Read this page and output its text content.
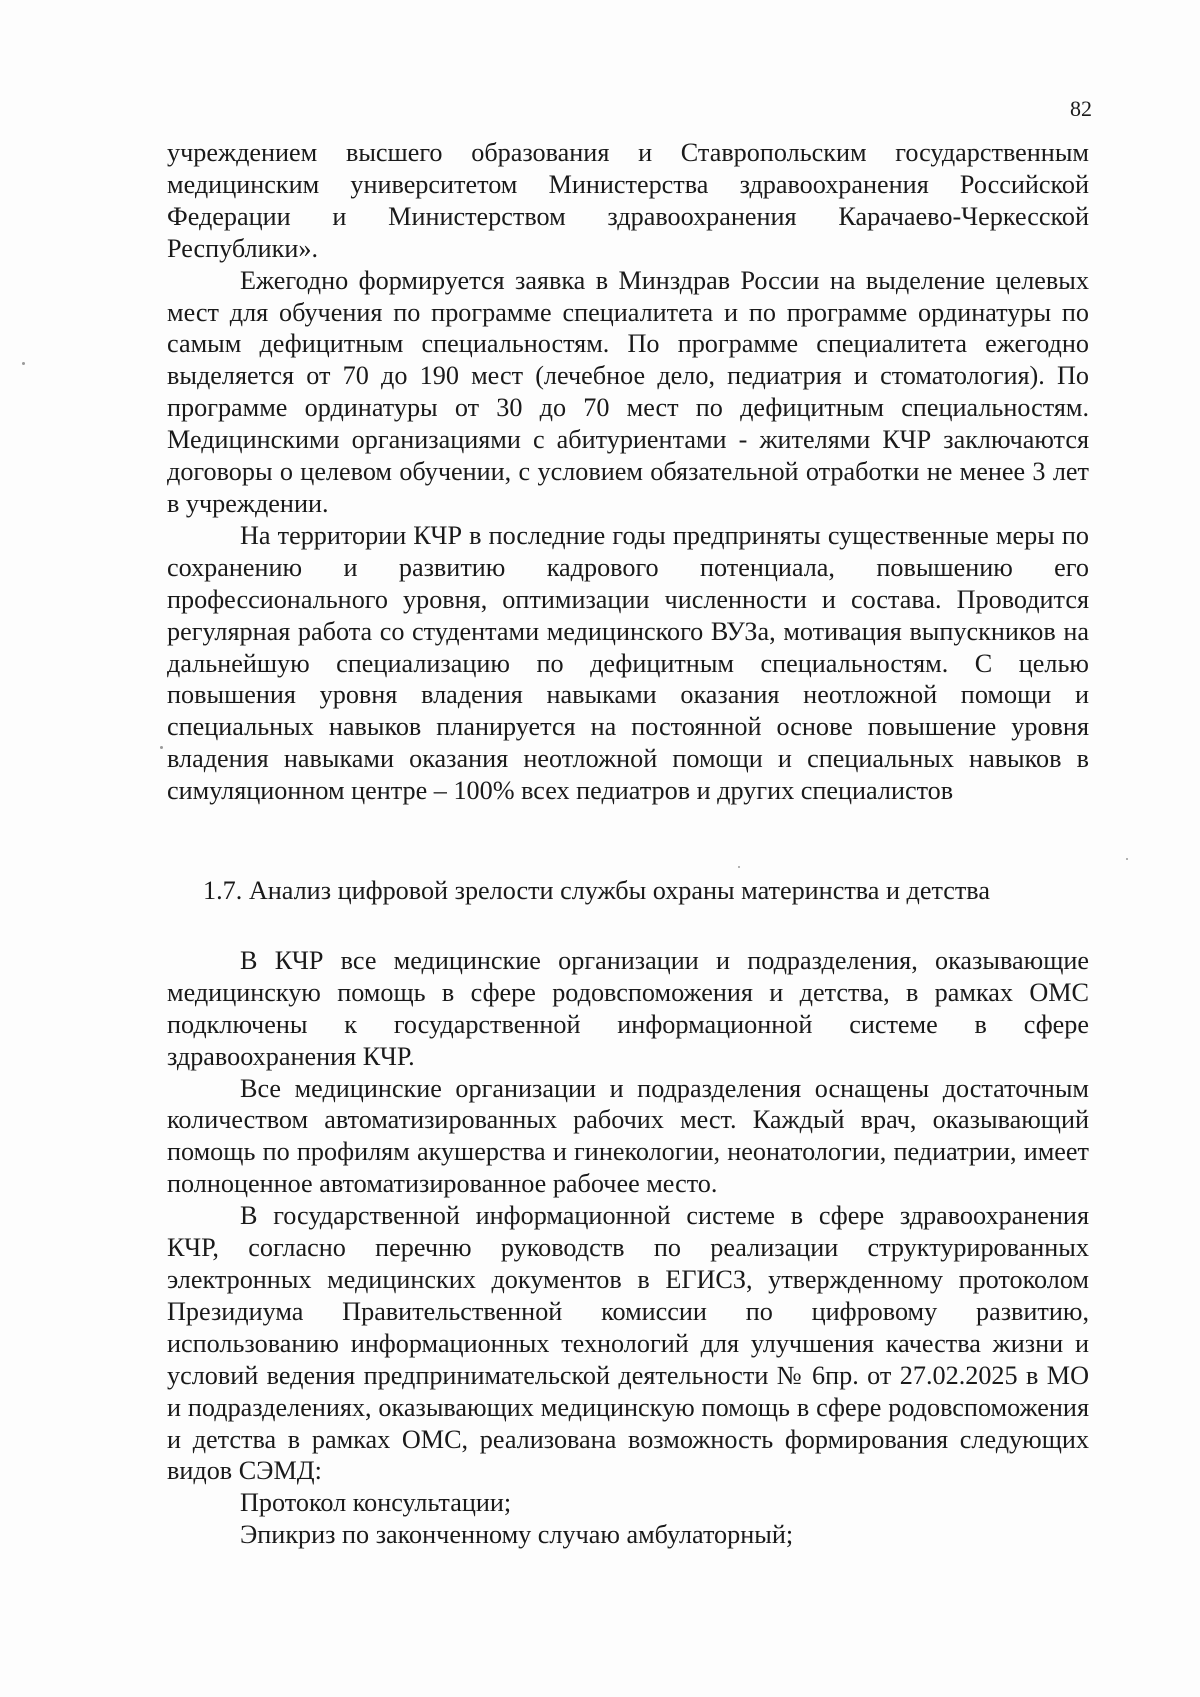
82

учреждением высшего образования и Ставропольским государственным медицинским университетом Министерства здравоохранения Российской Федерации и Министерством здравоохранения Карачаево-Черкесской Республики».

Ежегодно формируется заявка в Минздрав России на выделение целевых мест для обучения по программе специалитета и по программе ординатуры по самым дефицитным специальностям. По программе специалитета ежегодно выделяется от 70 до 190 мест (лечебное дело, педиатрия и стоматология). По программе ординатуры от 30 до 70 мест по дефицитным специальностям. Медицинскими организациями с абитуриентами - жителями КЧР заключаются договоры о целевом обучении, с условием обязательной отработки не менее 3 лет в учреждении.

На территории КЧР в последние годы предприняты существенные меры по сохранению и развитию кадрового потенциала, повышению его профессионального уровня, оптимизации численности и состава. Проводится регулярная работа со студентами медицинского ВУЗа, мотивация выпускников на дальнейшую специализацию по дефицитным специальностям. С целью повышения уровня владения навыками оказания неотложной помощи и специальных навыков планируется на постоянной основе повышение уровня владения навыками оказания неотложной помощи и специальных навыков в симуляционном центре – 100% всех педиатров и других специалистов

1.7. Анализ цифровой зрелости службы охраны материнства и детства

В КЧР все медицинские организации и подразделения, оказывающие медицинскую помощь в сфере родовспоможения и детства, в рамках ОМС подключены к государственной информационной системе в сфере здравоохранения КЧР.

Все медицинские организации и подразделения оснащены достаточным количеством автоматизированных рабочих мест. Каждый врач, оказывающий помощь по профилям акушерства и гинекологии, неонатологии, педиатрии, имеет полноценное автоматизированное рабочее место.

В государственной информационной системе в сфере здравоохранения КЧР, согласно перечню руководств по реализации структурированных электронных медицинских документов в ЕГИСЗ, утвержденному протоколом Президиума Правительственной комиссии по цифровому развитию, использованию информационных технологий для улучшения качества жизни и условий ведения предпринимательской деятельности № 6пр. от 27.02.2025 в МО и подразделениях, оказывающих медицинскую помощь в сфере родовспоможения и детства в рамках ОМС, реализована возможность формирования следующих видов СЭМД:

Протокол консультации;

Эпикриз по законченному случаю амбулаторный;
